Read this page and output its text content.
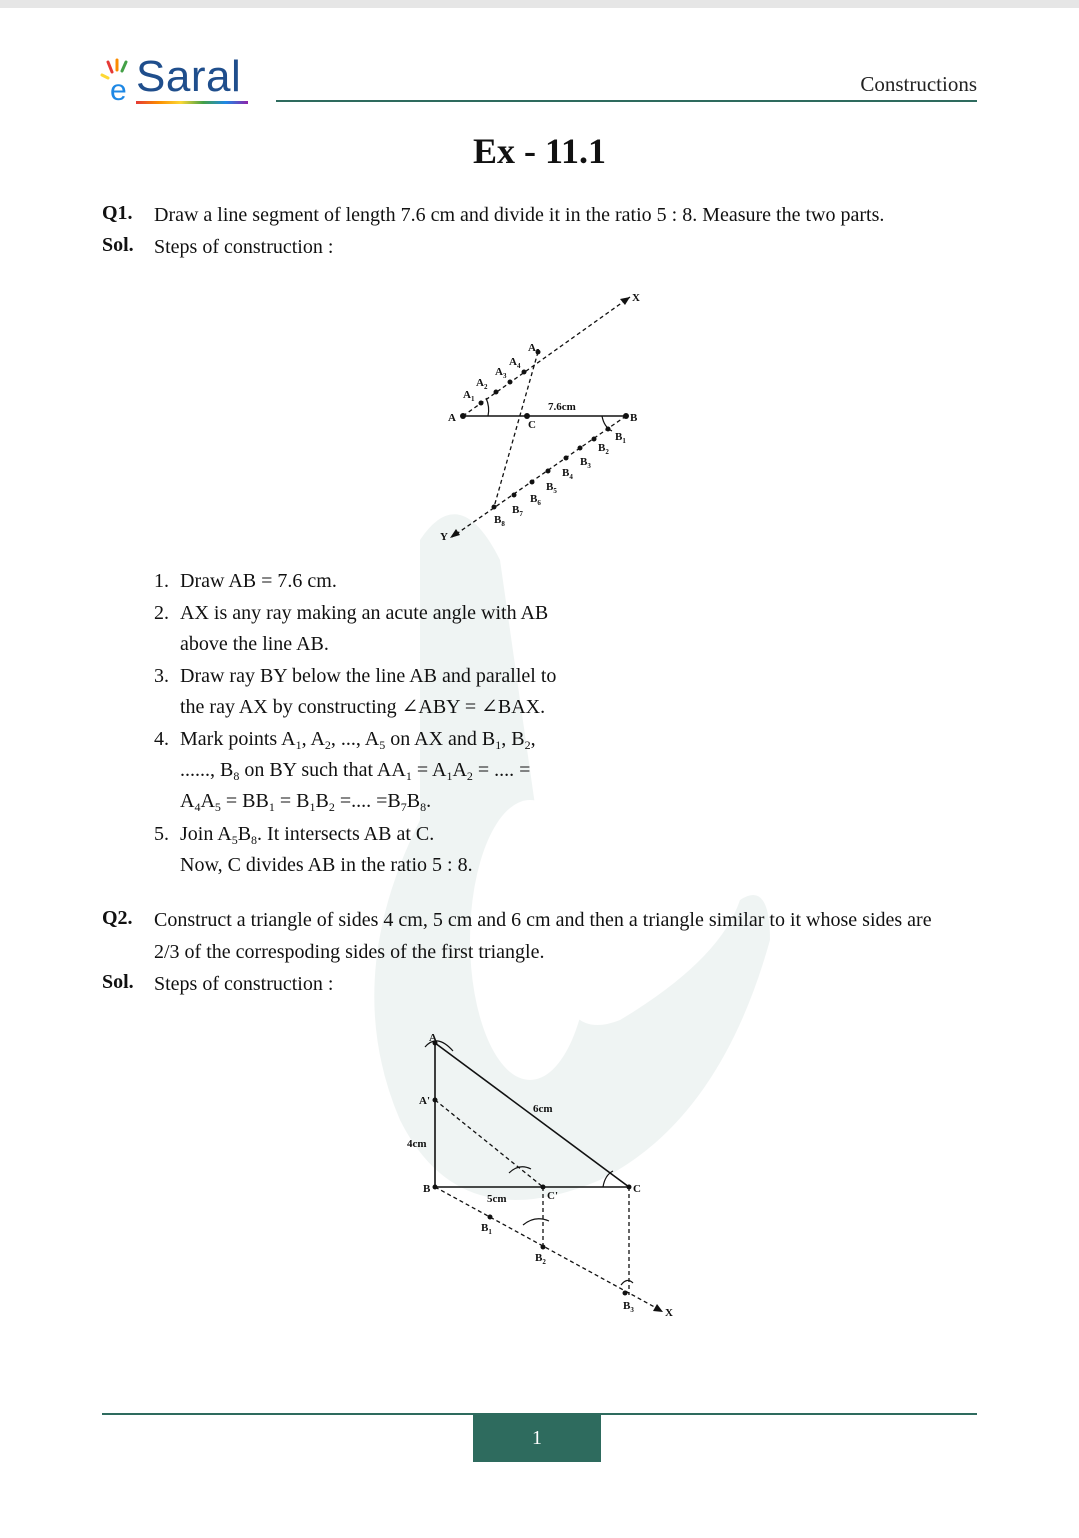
e Saral	Constructions
Ex - 11.1
Q1. Draw a line segment of length 7.6 cm and divide it in the ratio 5 : 8. Measure the two parts.
Sol. Steps of construction :
A	B
C
X
Y
7.6cm
$A_1$
$A_2$
$A_3$
$A_4$
$A_5$
$B_1$
$B_2$
$B_3$
$B_4$
$B_5$
$B_6$
$B_7$
$B_8$
1. Draw AB = 7.6 cm.
2. AX is any ray making an acute angle with AB
above the line AB.
3. Draw ray BY below the line AB and parallel to
the ray AX by constructing ∠ABY = ∠BAX.
4. Mark points $A_1$, $A_2$, ..., $A_5$ on AX and $B_1$, $B_2$,
......, $B_8$ on BY such that $AA_1 = A_1A_2$ = .... =
$A_4A_5 = BB_1 = B_1B_2$ =.... $=B_7B_8$.
5. Join $A_5B_8$. It intersects AB at C.
Now, C divides AB in the ratio 5 : 8.
Q2. Construct a triangle of sides 4 cm, 5 cm and 6 cm and then a triangle similar to it whose sides are
2/3 of the correspoding sides of the first triangle.
Sol. Steps of construction :
A
A'
B	C
C'
X
4cm
5cm
6cm
$B_1$
$B_2$
$B_3$
1
